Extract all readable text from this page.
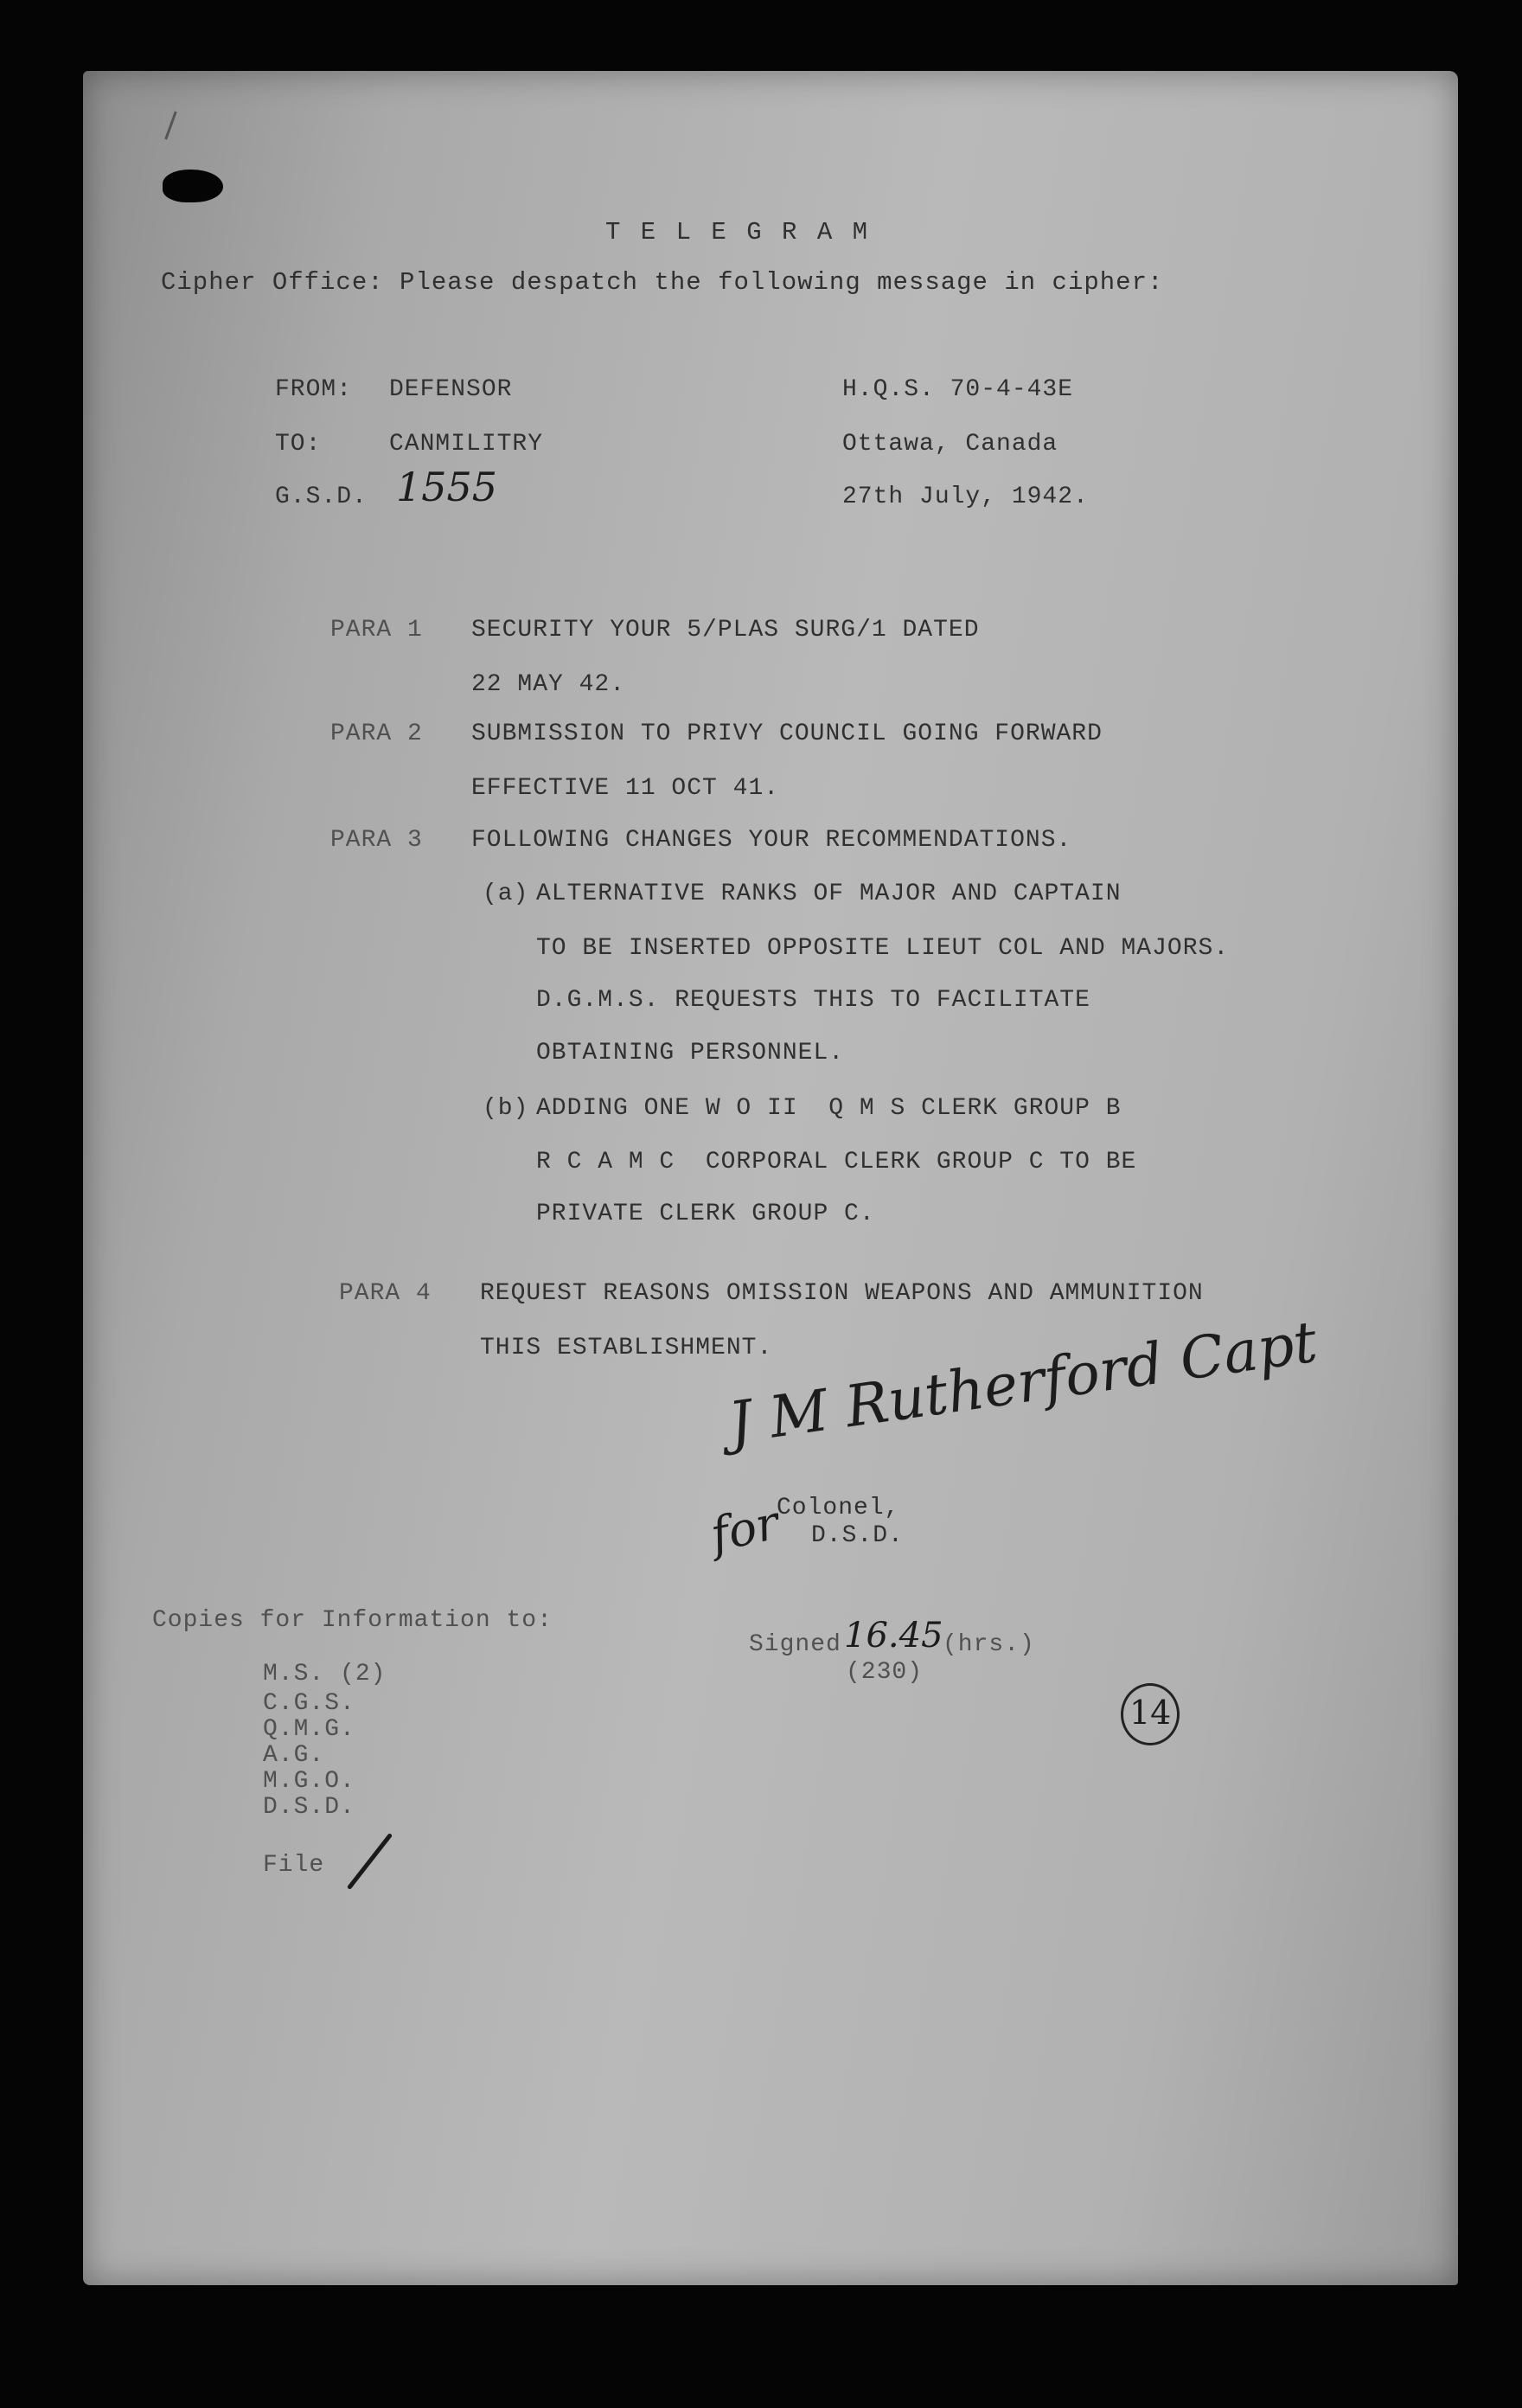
T E L E G R A M
Cipher Office: Please despatch the following message in cipher:
FROM: DEFENSOR
TO:	CANMILITRY
G.S.D. 1555
H.Q.S. 70-4-43E
Ottawa, Canada
27th July, 1942.
PARA 1 SECURITY YOUR 5/PLAS SURG/1 DATED
22 MAY 42.
PARA 2 SUBMISSION TO PRIVY COUNCIL GOING FORWARD
EFFECTIVE 11 OCT 41.
PARA 3 FOLLOWING CHANGES YOUR RECOMMENDATIONS.
(a) ALTERNATIVE RANKS OF MAJOR AND CAPTAIN
TO BE INSERTED OPPOSITE LIEUT COL AND MAJORS.
D.G.M.S. REQUESTS THIS TO FACILITATE
OBTAINING PERSONNEL.
(b) ADDING ONE W O II  Q M S CLERK GROUP B
R C A M C  CORPORAL CLERK GROUP C TO BE
PRIVATE CLERK GROUP C.
PARA 4 REQUEST REASONS OMISSION WEAPONS AND AMMUNITION
THIS ESTABLISHMENT.
J M Rutherford Capt
for
Colonel,
D.S.D.
Copies for Information to:
M.S. (2)
C.G.S.
Q.M.G.
A.G.
M.G.O.
D.S.D.
File
Signed 16.45 (hrs.)
(230)
14
